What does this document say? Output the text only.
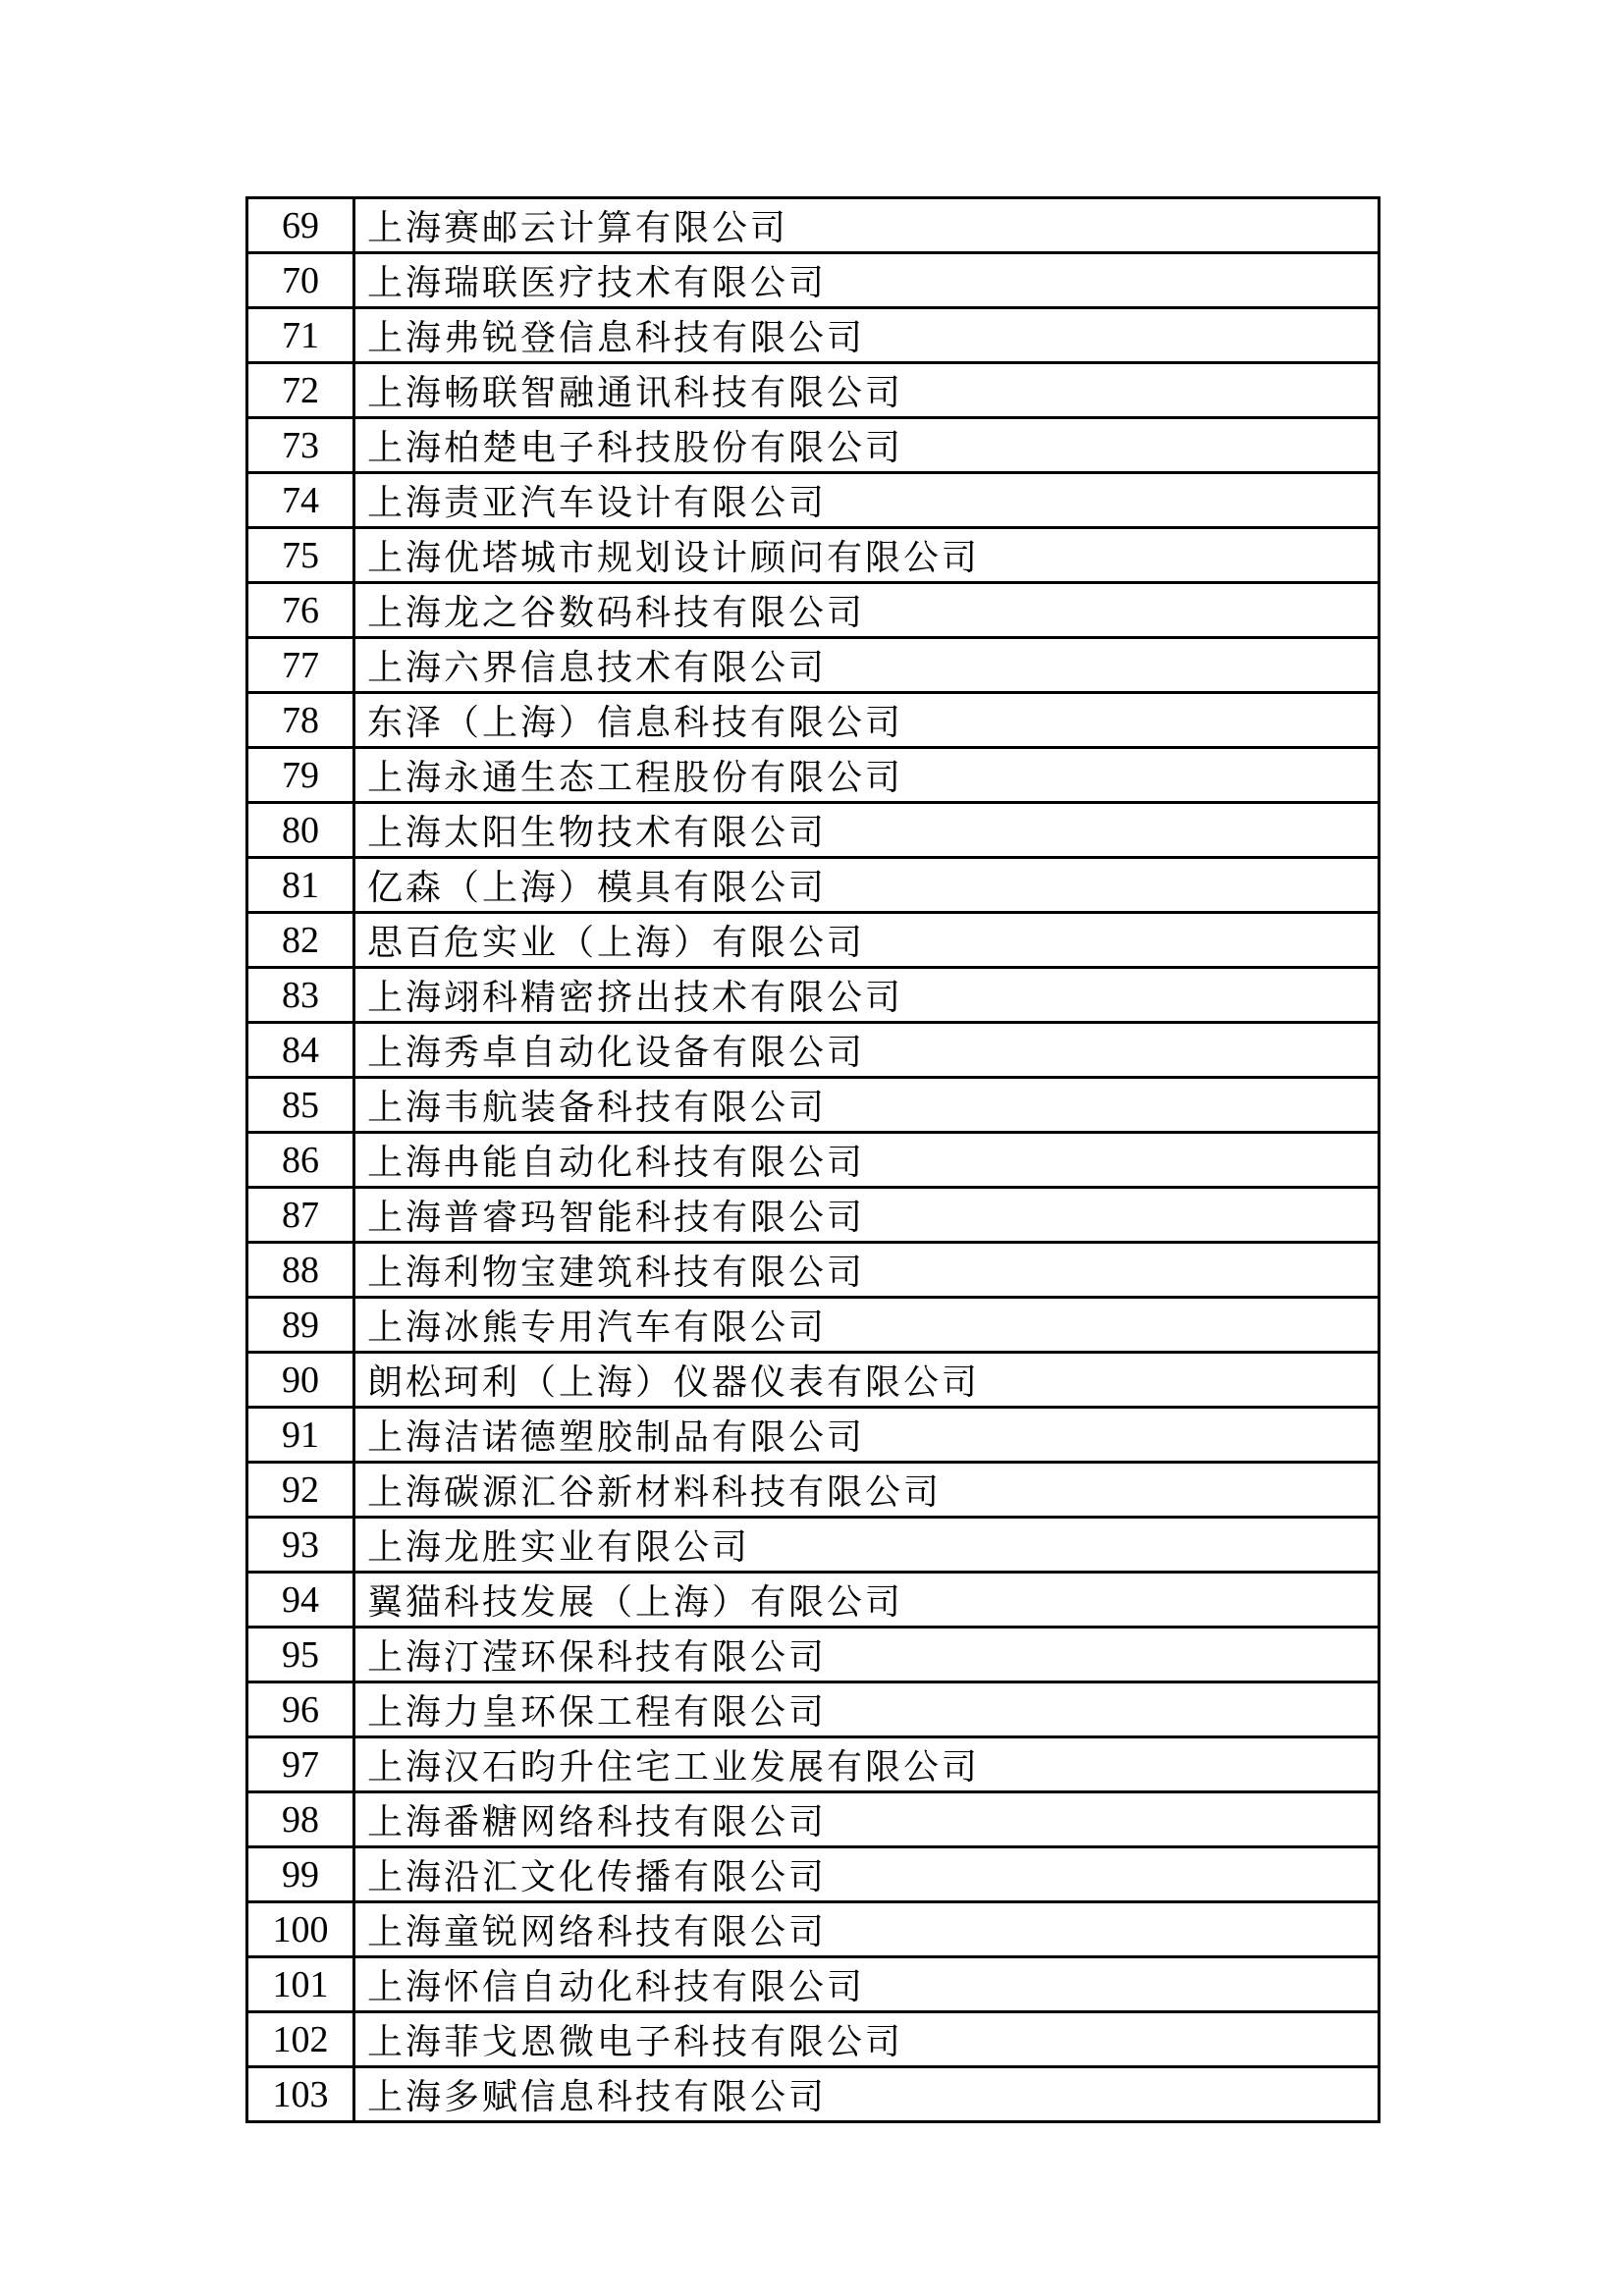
69	上海赛邮云计算有限公司
70	上海瑞联医疗技术有限公司
71	上海弗锐登信息科技有限公司
72	上海畅联智融通讯科技有限公司
73	上海柏楚电子科技股份有限公司
74	上海责亚汽车设计有限公司
75	上海优塔城市规划设计顾问有限公司
76	上海龙之谷数码科技有限公司
77	上海六界信息技术有限公司
78	东泽（上海）信息科技有限公司
79	上海永通生态工程股份有限公司
80	上海太阳生物技术有限公司
81	亿森（上海）模具有限公司
82	思百危实业（上海）有限公司
83	上海翊科精密挤出技术有限公司
84	上海秀卓自动化设备有限公司
85	上海韦航装备科技有限公司
86	上海冉能自动化科技有限公司
87	上海普睿玛智能科技有限公司
88	上海利物宝建筑科技有限公司
89	上海冰熊专用汽车有限公司
90	朗松珂利（上海）仪器仪表有限公司
91	上海洁诺德塑胶制品有限公司
92	上海碳源汇谷新材料科技有限公司
93	上海龙胜实业有限公司
94	翼猫科技发展（上海）有限公司
95	上海汀滢环保科技有限公司
96	上海力皇环保工程有限公司
97	上海汉石昀升住宅工业发展有限公司
98	上海番糖网络科技有限公司
99	上海沿汇文化传播有限公司
100	上海童锐网络科技有限公司
101	上海怀信自动化科技有限公司
102	上海菲戈恩微电子科技有限公司
103	上海多赋信息科技有限公司
